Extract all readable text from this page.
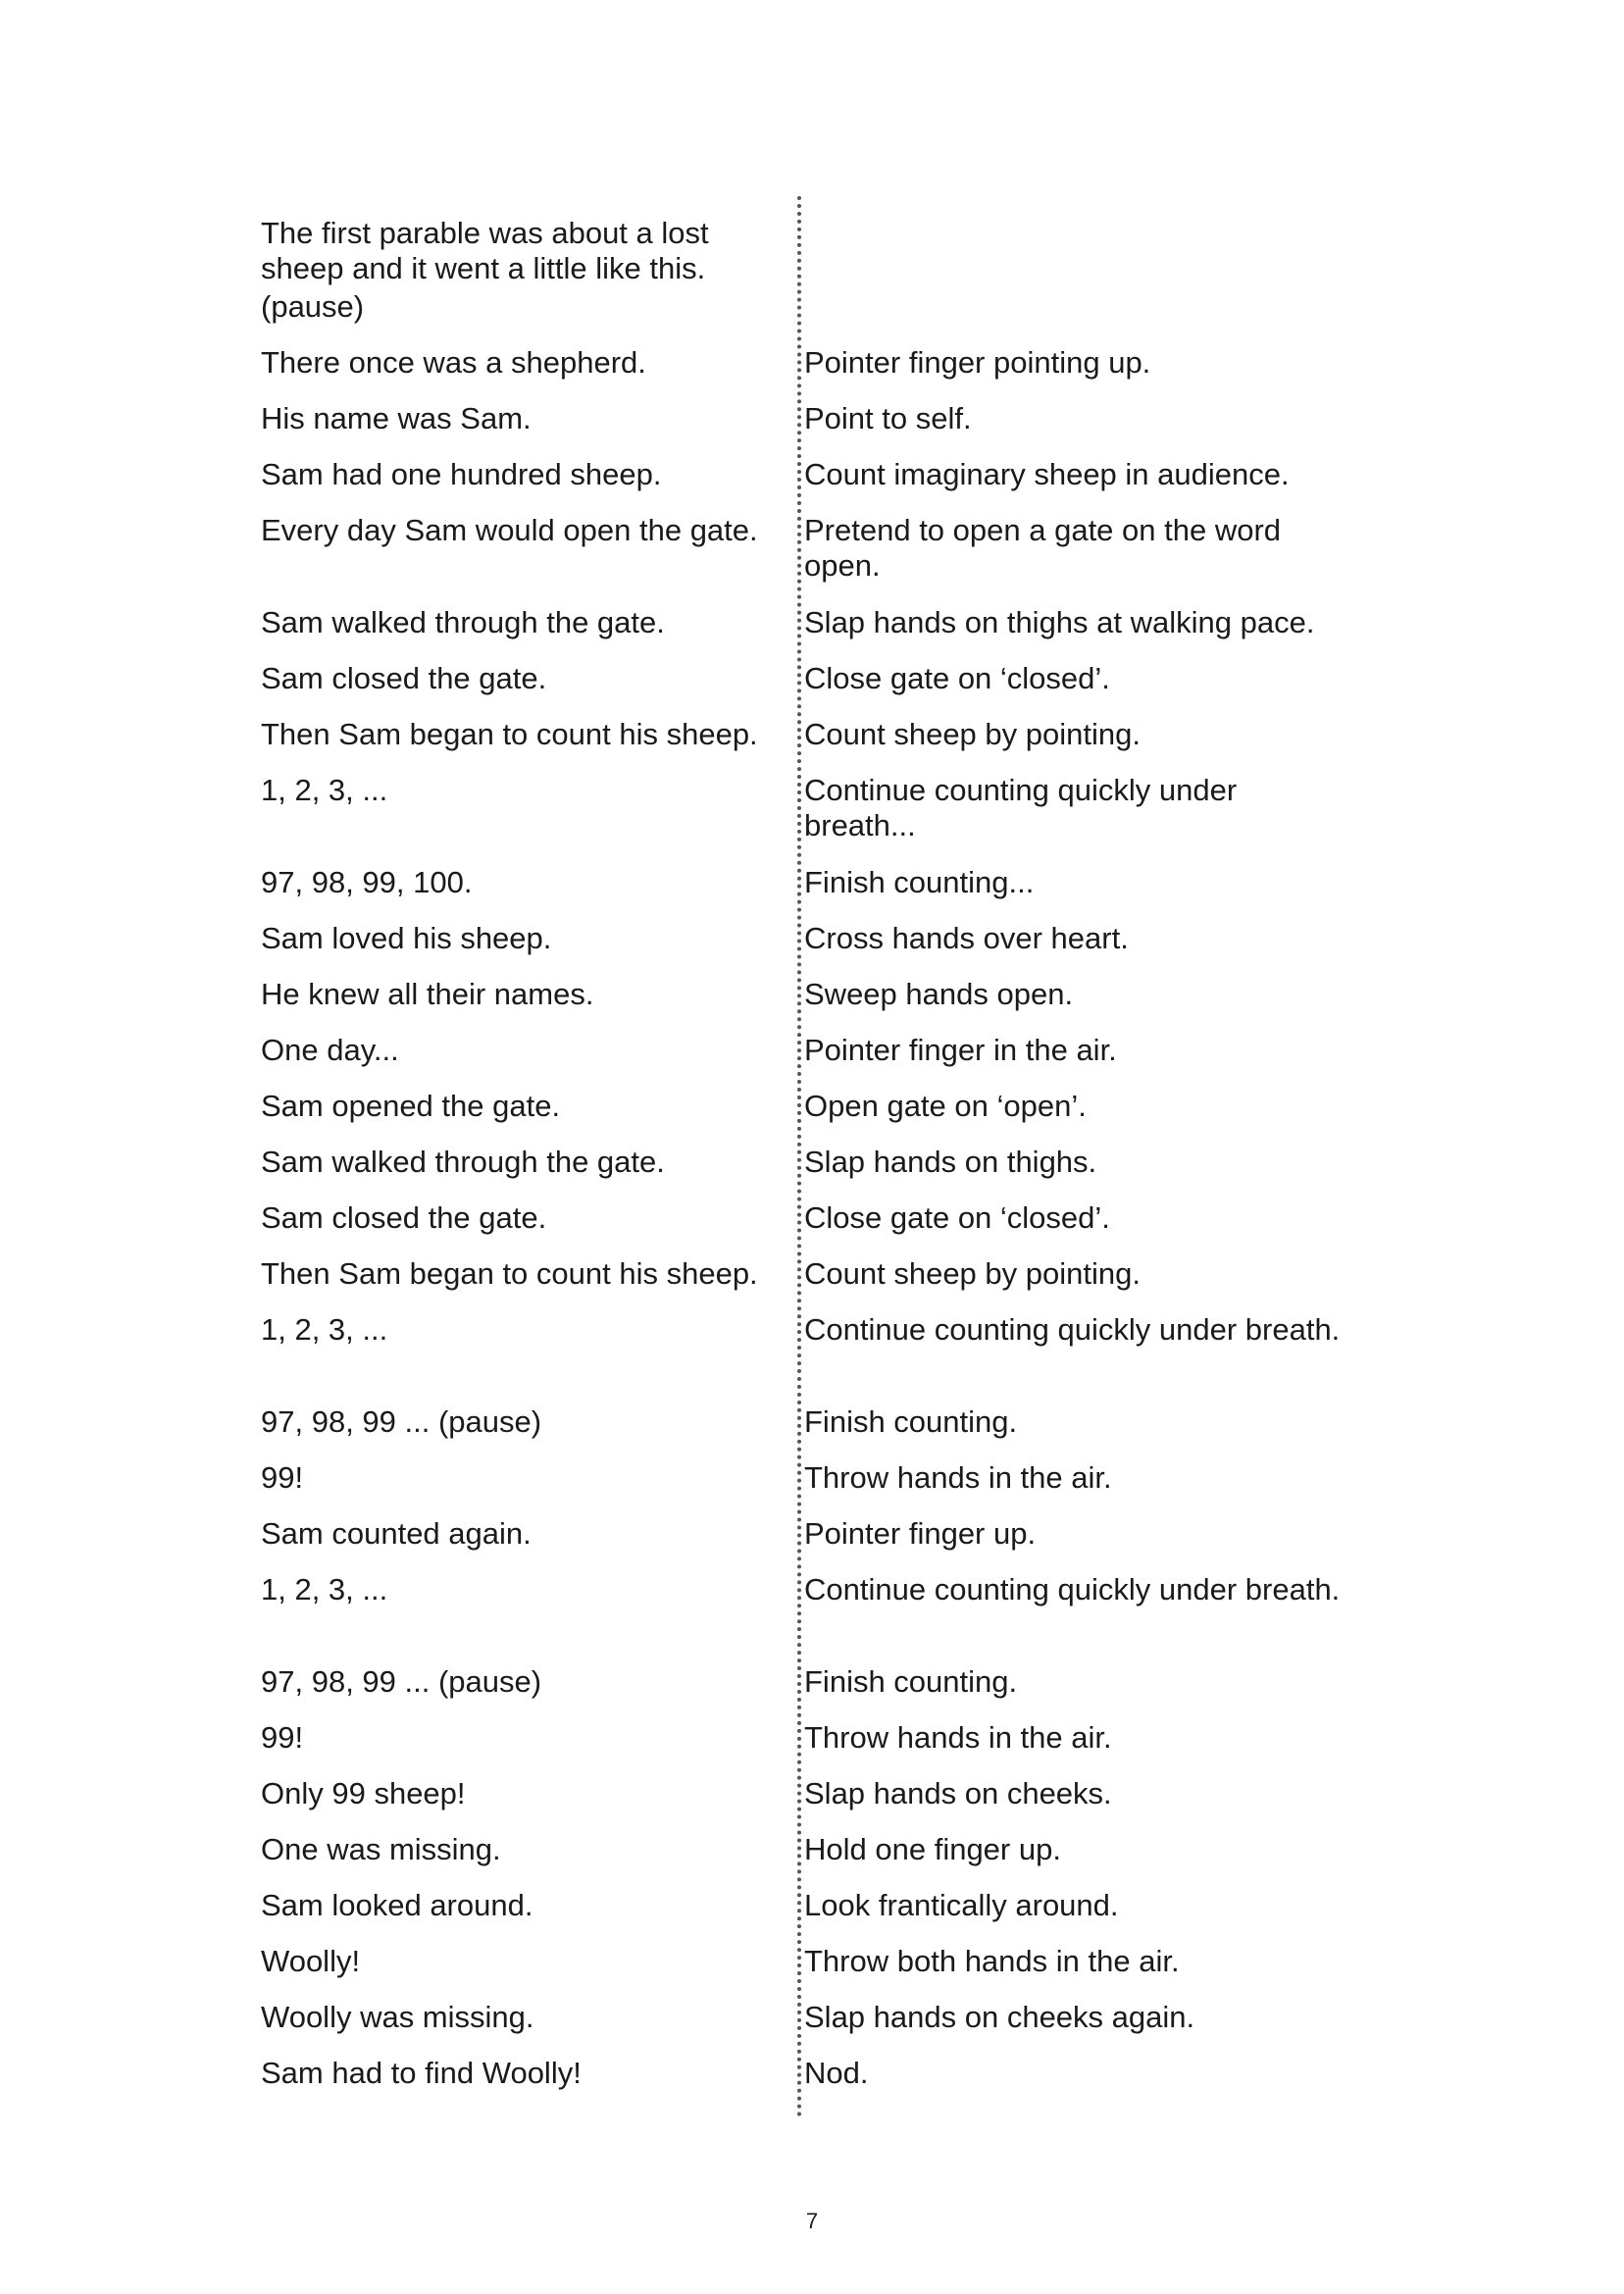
The first parable was about a lost sheep and it went a little like this.
(pause)
There once was a shepherd.	Pointer finger pointing up.
His name was Sam.	Point to self.
Sam had one hundred sheep.	Count imaginary sheep in audience.
Every day Sam would open the gate.	Pretend to open a gate on the word open.
Sam walked through the gate.	Slap hands on thighs at walking pace.
Sam closed the gate.	Close gate on ‘closed’.
Then Sam began to count his sheep.	Count sheep by pointing.
1, 2, 3, ...	Continue counting quickly under breath...
97, 98, 99, 100.	Finish counting...
Sam loved his sheep.	Cross hands over heart.
He knew all their names.	Sweep hands open.
One day...	Pointer finger in the air.
Sam opened the gate.	Open gate on ‘open’.
Sam walked through the gate.	Slap hands on thighs.
Sam closed the gate.	Close gate on ‘closed’.
Then Sam began to count his sheep.	Count sheep by pointing.
1, 2, 3, ...	Continue counting quickly under breath.
97, 98, 99 ... (pause)	Finish counting.
99!	Throw hands in the air.
Sam counted again.	Pointer finger up.
1, 2, 3, ...	Continue counting quickly under breath.
97, 98, 99 ... (pause)	Finish counting.
99!	Throw hands in the air.
Only 99 sheep!	Slap hands on cheeks.
One was missing.	Hold one finger up.
Sam looked around.	Look frantically around.
Woolly!	Throw both hands in the air.
Woolly was missing.	Slap hands on cheeks again.
Sam had to find Woolly!	Nod.
7
